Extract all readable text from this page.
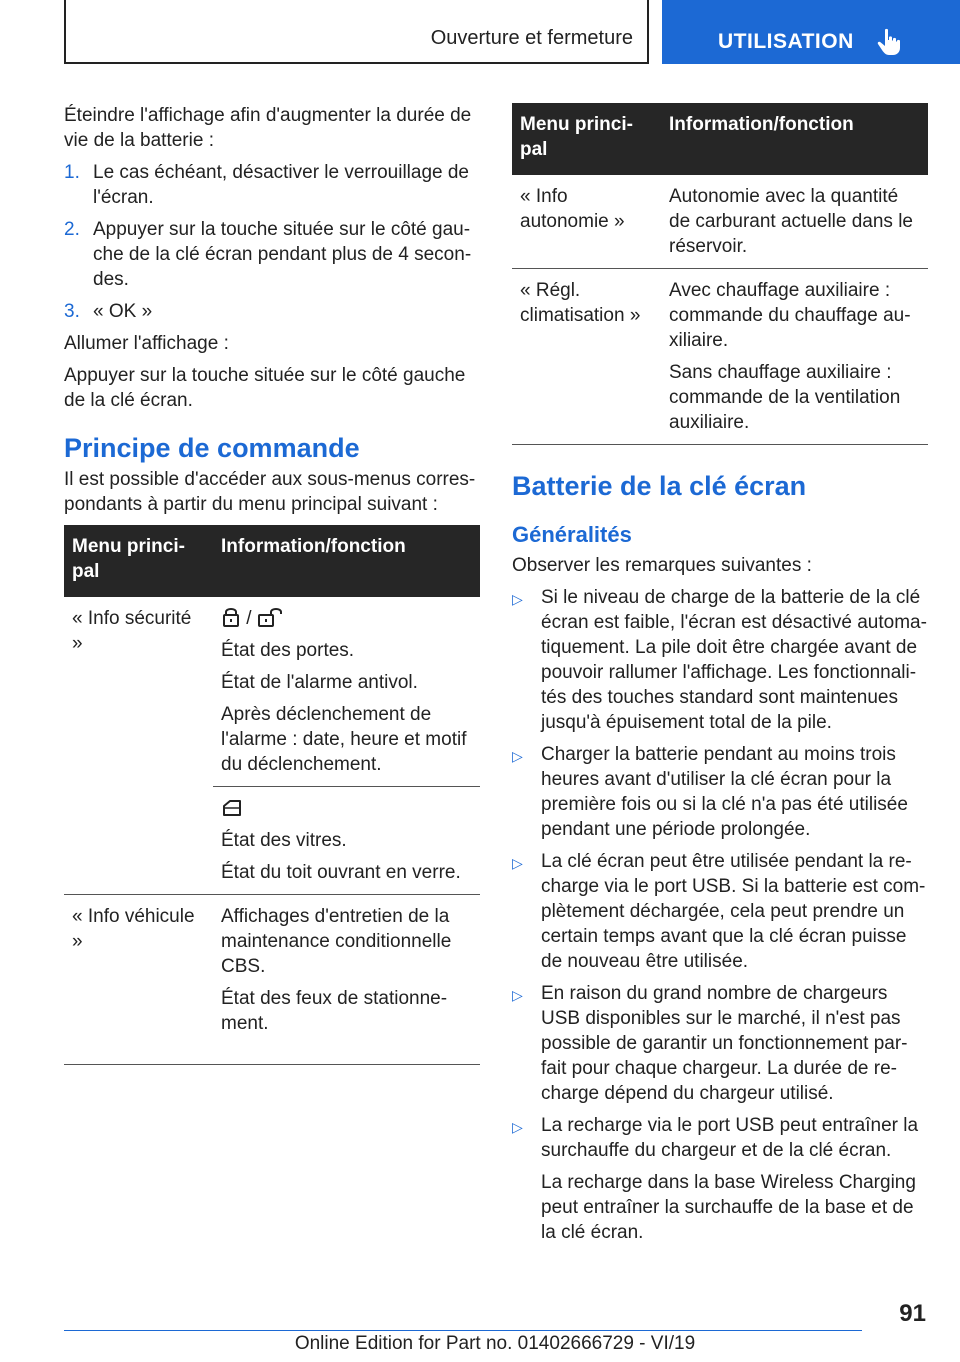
Ouverture et fermeture	UTILISATION

Éteindre l'affichage afin d'augmenter la durée de vie de la batterie :

1. Le cas échéant, désactiver le verrouillage de l'écran.
2. Appuyer sur la touche située sur le côté gau- che de la clé écran pendant plus de 4 secon- des.
3. « OK »

Allumer l'affichage :

Appuyer sur la touche située sur le côté gauche de la clé écran.

Principe de commande

Il est possible d'accéder aux sous-menus corres- pondants à partir du menu principal suivant :

Menu princi- pal	Information/fonction
« Info sécurité »	/
État des portes.
État de l'alarme antivol.
Après déclenchement de l'alarme : date, heure et motif du déclenchement.

	État des vitres.
État du toit ouvrant en verre.

« Info véhicule »	Affichages d'entretien de la maintenance conditionnelle CBS.
État des feux de stationne- ment.
Menu princi- pal	Information/fonction
« Info autonomie »	Autonomie avec la quantité de carburant actuelle dans le réservoir.

« Régl. climatisation »	Avec chauffage auxiliaire : commande du chauffage au- xiliaire.
Sans chauffage auxiliaire : commande de la ventilation auxiliaire.
Batterie de la clé écran
Généralités

Observer les remarques suivantes :

▷ Si le niveau de charge de la batterie de la clé écran est faible, l'écran est désactivé automa- tiquement. La pile doit être chargée avant de pouvoir rallumer l'affichage. Les fonctionnali- tés des touches standard sont maintenues jusqu'à épuisement total de la pile.
▷ Charger la batterie pendant au moins trois heures avant d'utiliser la clé écran pour la première fois ou si la clé n'a pas été utilisée pendant une période prolongée.
▷ La clé écran peut être utilisée pendant la re- charge via le port USB. Si la batterie est com- plètement déchargée, cela peut prendre un certain temps avant que la clé écran puisse de nouveau être utilisée.
▷ En raison du grand nombre de chargeurs USB disponibles sur le marché, il n'est pas possible de garantir un fonctionnement par- fait pour chaque chargeur. La durée de re- charge dépend du chargeur utilisé.
▷ La recharge via le port USB peut entraîner la surchauffe du chargeur et de la clé écran.
La recharge dans la base Wireless Charging peut entraîner la surchauffe de la base et de la clé écran.
91
Online Edition for Part no. 01402666729 - VI/19
